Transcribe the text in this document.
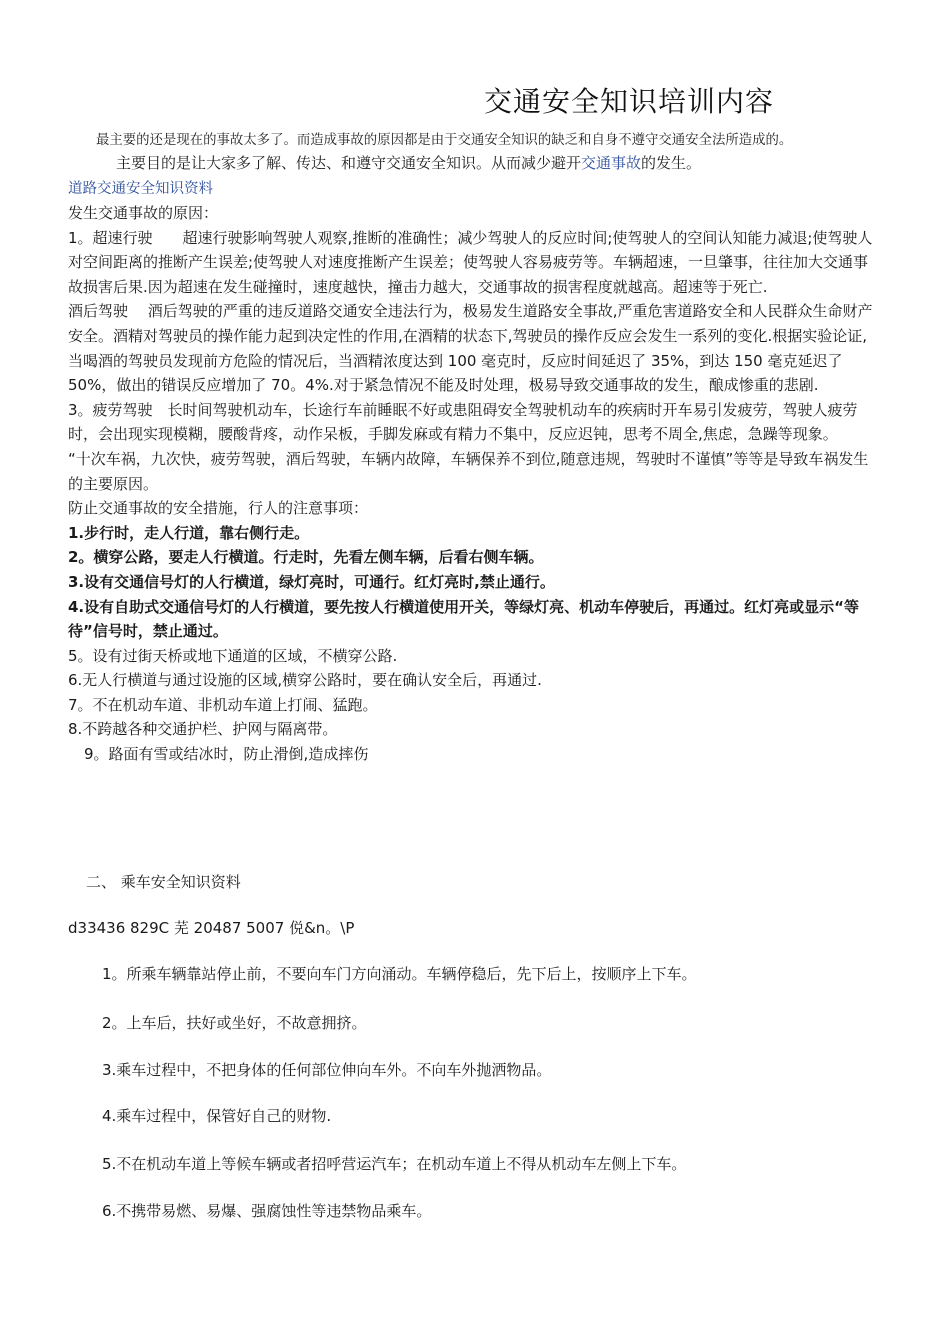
交通安全知识培训内容
最主要的还是现在的事故太多了。而造成事故的原因都是由于交通安全知识的缺乏和自身不遵守交通安全法所造成的。
主要目的是让大家多了解、传达、和遵守交通安全知识。从而减少避开交通事故的发生。
道路交通安全知识资料

发生交通事故的原因：

1。超速行驶　　超速行驶影响驾驶人观察,推断的准确性；减少驾驶人的反应时间;使驾驶人的空间认知能力减退;使驾驶人对空间距离的推断产生误差;使驾驶人对速度推断产生误差；使驾驶人容易疲劳等。车辆超速，一旦肇事，往往加大交通事故损害后果.因为超速在发生碰撞时，速度越快，撞击力越大，交通事故的损害程度就越高。超速等于死亡.

酒后驾驶　 酒后驾驶的严重的违反道路交通安全违法行为，极易发生道路安全事故,严重危害道路安全和人民群众生命财产安全。酒精对驾驶员的操作能力起到决定性的作用,在酒精的状态下,驾驶员的操作反应会发生一系列的变化.根据实验论证,当喝酒的驾驶员发现前方危险的情况后，当酒精浓度达到 100 毫克时，反应时间延迟了 35%，到达 150 毫克延迟了 50%，做出的错误反应增加了 70。4%.对于紧急情况不能及时处理，极易导致交通事故的发生，酿成惨重的悲剧.

3。疲劳驾驶　长时间驾驶机动车，长途行车前睡眠不好或患阻碍安全驾驶机动车的疾病时开车易引发疲劳，驾驶人疲劳时，会出现实现模糊，腰酸背疼，动作呆板，手脚发麻或有精力不集中，反应迟钝，思考不周全,焦虑，急躁等现象。

“十次车祸，九次快，疲劳驾驶，酒后驾驶，车辆内故障，车辆保养不到位,随意违规，驾驶时不谨慎”等等是导致车祸发生的主要原因。

防止交通事故的安全措施，行人的注意事项：

1.步行时，走人行道，靠右侧行走。

2。横穿公路，要走人行横道。行走时，先看左侧车辆，后看右侧车辆。

3.设有交通信号灯的人行横道，绿灯亮时，可通行。红灯亮时,禁止通行。

4.设有自助式交通信号灯的人行横道，要先按人行横道使用开关，等绿灯亮、机动车停驶后，再通过。红灯亮或显示“等待”信号时，禁止通过。

5。设有过街天桥或地下通道的区域，不横穿公路.

6.无人行横道与通过设施的区域,横穿公路时，要在确认安全后，再通过.

7。不在机动车道、非机动车道上打闹、猛跑。

8.不跨越各种交通护栏、护网与隔离带。

9。路面有雪或结冰时，防止滑倒,造成摔伤

二、 乘车安全知识资料
d33436 829C 芜 20487 5007 侻&n。\P
1。所乘车辆靠站停止前，不要向车门方向涌动。车辆停稳后，先下后上，按顺序上下车。
2。上车后，扶好或坐好，不故意拥挤。
3.乘车过程中，不把身体的任何部位伸向车外。不向车外抛洒物品。
4.乘车过程中，保管好自己的财物.
5.不在机动车道上等候车辆或者招呼营运汽车；在机动车道上不得从机动车左侧上下车。
6.不携带易燃、易爆、强腐蚀性等违禁物品乘车。
